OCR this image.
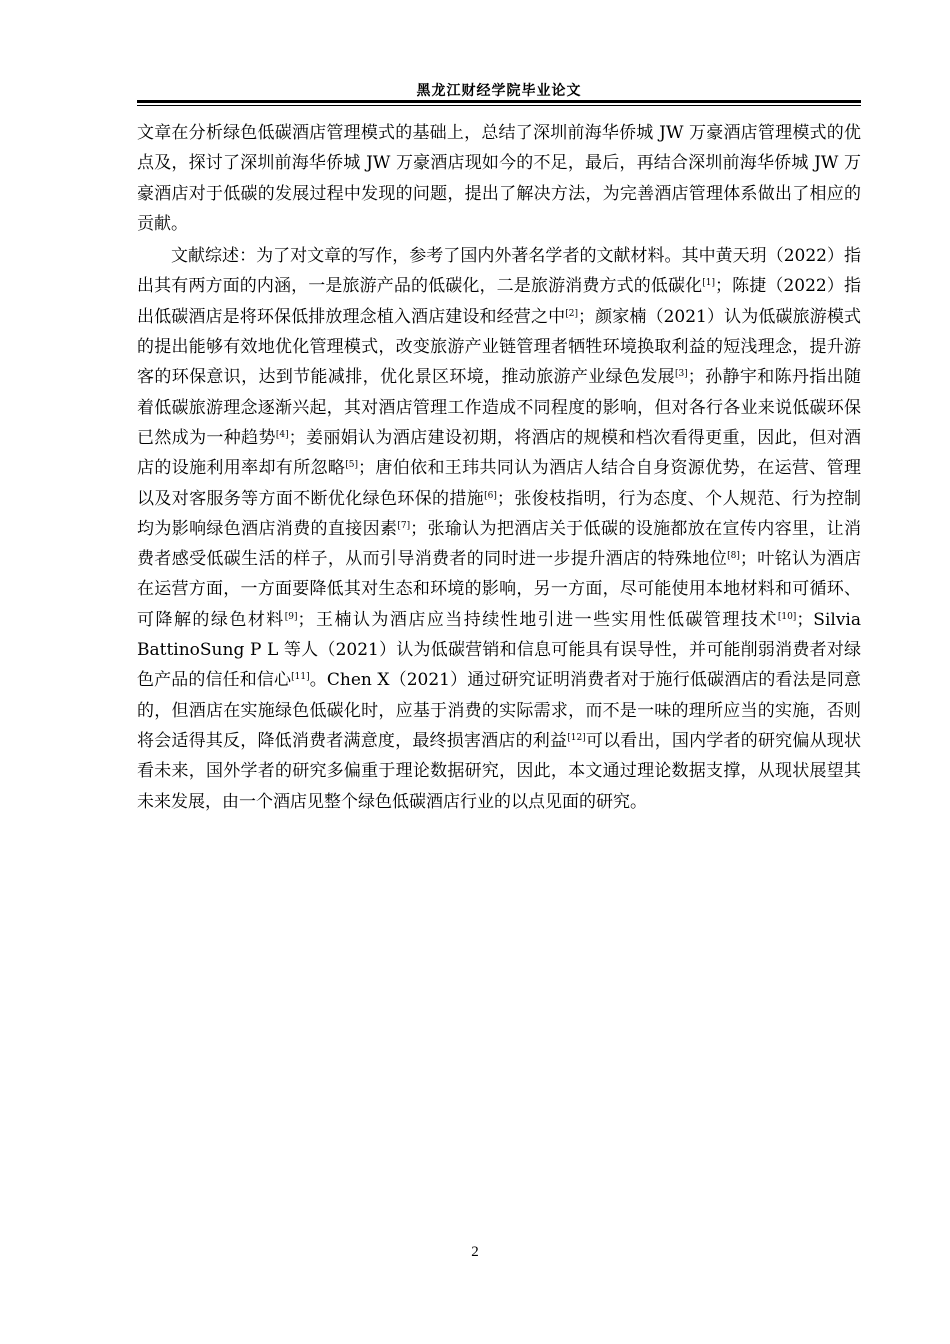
黑龙江财经学院毕业论文

文章在分析绿色低碳酒店管理模式的基础上，总结了深圳前海华侨城 JW 万豪酒店管理模式的优点及，探讨了深圳前海华侨城 JW 万豪酒店现如今的不足，最后，再结合深圳前海华侨城 JW 万豪酒店对于低碳的发展过程中发现的问题，提出了解决方法，为完善酒店管理体系做出了相应的贡献。

文献综述：为了对文章的写作，参考了国内外著名学者的文献材料。其中黄天玥（2022）指出其有两方面的内涵，一是旅游产品的低碳化，二是旅游消费方式的低碳化[1]；陈捷（2022）指出低碳酒店是将环保低排放理念植入酒店建设和经营之中[2]；颜家楠（2021）认为低碳旅游模式的提出能够有效地优化管理模式，改变旅游产业链管理者牺牲环境换取利益的短浅理念，提升游客的环保意识，达到节能减排，优化景区环境，推动旅游产业绿色发展[3]；孙静宇和陈丹指出随着低碳旅游理念逐渐兴起，其对酒店管理工作造成不同程度的影响，但对各行各业来说低碳环保已然成为一种趋势[4]；姜丽娟认为酒店建设初期，将酒店的规模和档次看得更重，因此，但对酒店的设施利用率却有所忽略[5]；唐伯依和王玮共同认为酒店人结合自身资源优势，在运营、管理以及对客服务等方面不断优化绿色环保的措施[6]；张俊枝指明，行为态度、个人规范、行为控制均为影响绿色酒店消费的直接因素[7]；张瑜认为把酒店关于低碳的设施都放在宣传内容里，让消费者感受低碳生活的样子，从而引导消费者的同时进一步提升酒店的特殊地位[8]；叶铭认为酒店在运营方面，一方面要降低其对生态和环境的影响，另一方面，尽可能使用本地材料和可循环、可降解的绿色材料[9]；王楠认为酒店应当持续性地引进一些实用性低碳管理技术[10]；Silvia BattinoSung P L 等人（2021）认为低碳营销和信息可能具有误导性，并可能削弱消费者对绿色产品的信任和信心[11]。Chen X（2021）通过研究证明消费者对于施行低碳酒店的看法是同意的，但酒店在实施绿色低碳化时，应基于消费的实际需求，而不是一味的理所应当的实施，否则将会适得其反，降低消费者满意度，最终损害酒店的利益[12]可以看出，国内学者的研究偏从现状看未来，国外学者的研究多偏重于理论数据研究，因此，本文通过理论数据支撑，从现状展望其未来发展，由一个酒店见整个绿色低碳酒店行业的以点见面的研究。

2
